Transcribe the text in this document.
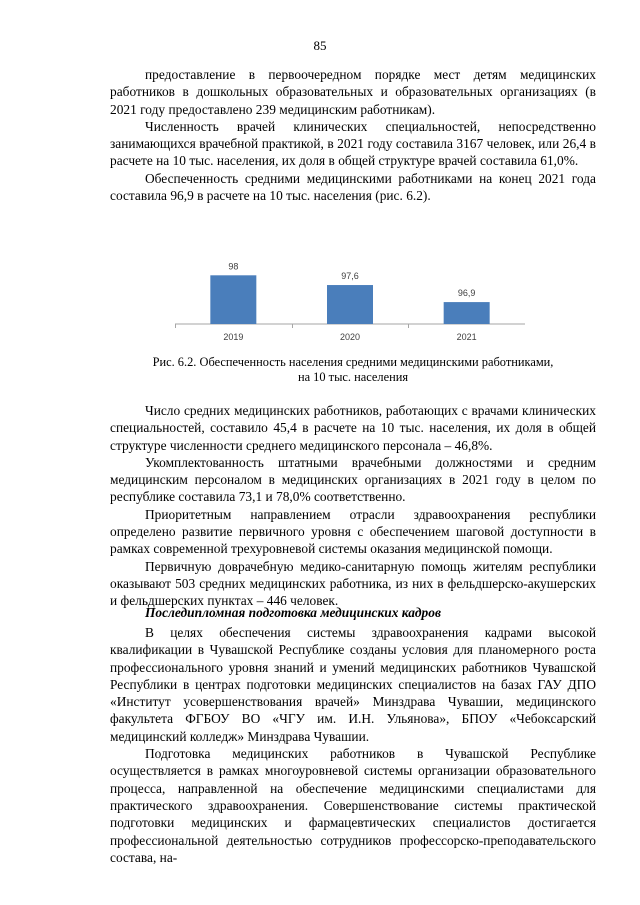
85

предоставление в первоочередном порядке мест детям медицинских работников в дошкольных образовательных и образовательных организациях (в 2021 году предоставлено 239 медицинским работникам).

Численность врачей клинических специальностей, непосредственно занимающихся врачебной практикой, в 2021 году составила 3167 человек, или 26,4 в расчете на 10 тыс. населения, их доля в общей структуре врачей составила 61,0%.

Обеспеченность средними медицинскими работниками на конец 2021 года составила 96,9 в расчете на 10 тыс. населения (рис. 6.2).

98
2019
97,6
2020
96,9
2021
Рис. 6.2. Обеспеченность населения средними медицинскими работниками,
на 10 тыс. населения

Число средних медицинских работников, работающих с врачами клинических специальностей, составило 45,4 в расчете на 10 тыс. населения, их доля в общей структуре численности среднего медицинского персонала – 46,8%.

Укомплектованность штатными врачебными должностями и средним медицинским персоналом в медицинских организациях в 2021 году в целом по республике составила 73,1 и 78,0% соответственно.

Приоритетным направлением отрасли здравоохранения республики определено развитие первичного уровня с обеспечением шаговой доступности в рамках современной трехуровневой системы оказания медицинской помощи.

Первичную доврачебную медико-санитарную помощь жителям республики оказывают 503 средних медицинских работника, из них в фельдшерско-акушерских и фельдшерских пунктах – 446 человек.

Последипломная подготовка медицинских кадров

В целях обеспечения системы здравоохранения кадрами высокой квалификации в Чувашской Республике созданы условия для планомерного роста профессионального уровня знаний и умений медицинских работников Чувашской Республики в центрах подготовки медицинских специалистов на базах ГАУ ДПО «Институт усовершенствования врачей» Минздрава Чувашии, медицинского факультета ФГБОУ ВО «ЧГУ им. И.Н. Ульянова», БПОУ «Чебоксарский медицинский колледж» Минздрава Чувашии.

Подготовка медицинских работников в Чувашской Республике осуществляется в рамках многоуровневой системы организации образовательного процесса, направленной на обеспечение медицинскими специалистами для практического здравоохранения. Совершенствование системы практической подготовки медицинских и фармацевтических специалистов достигается профессиональной деятельностью сотрудников профессорско-преподавательского состава, на-
